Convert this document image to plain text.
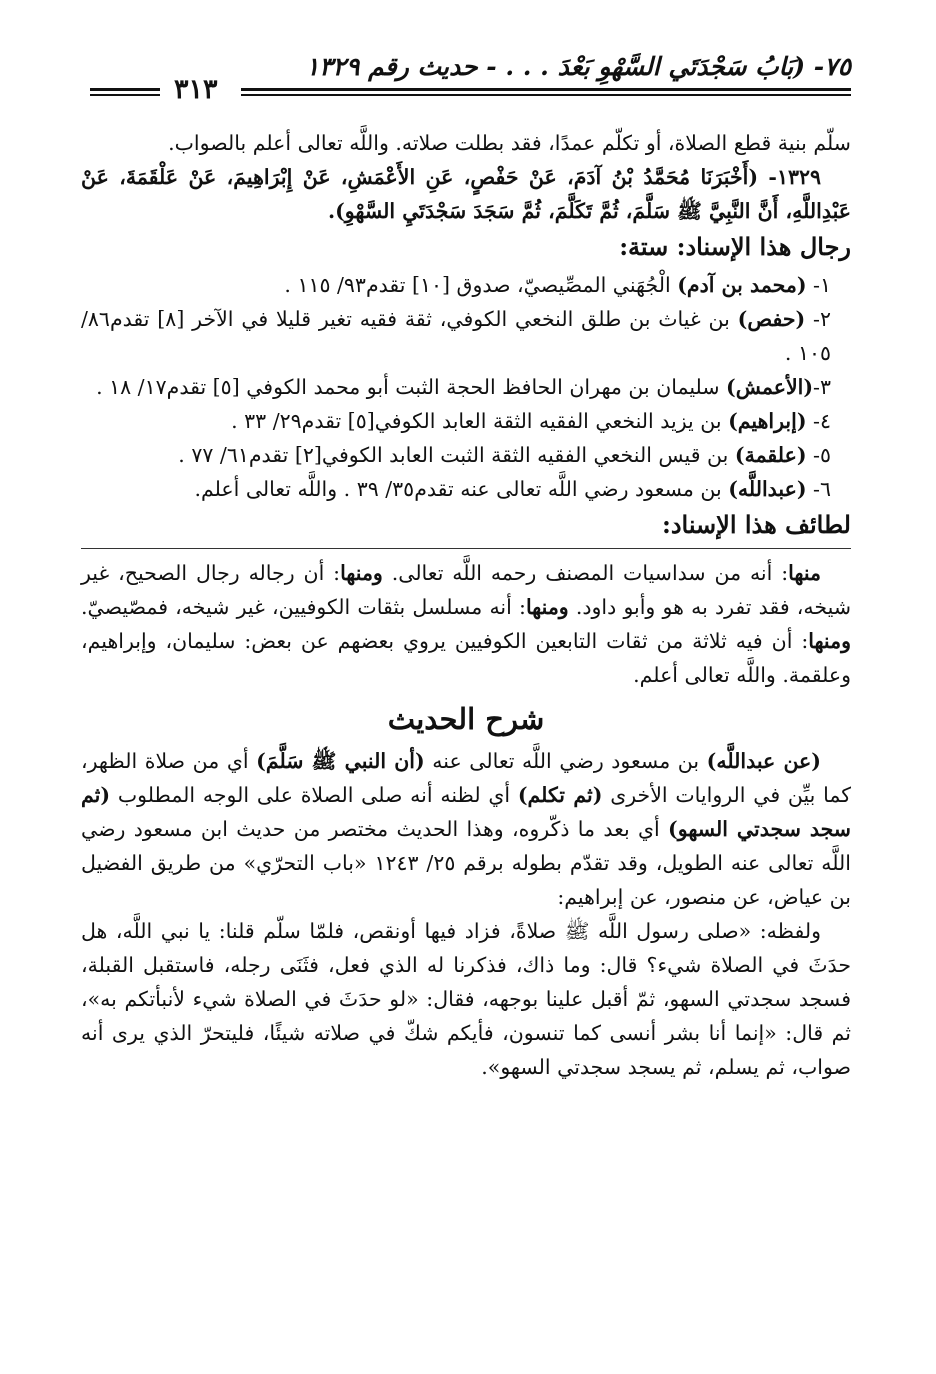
٧٥- (بَابُ سَجْدَتَي السَّهْوِ بَعْدَ . . . - حديث رقم ١٣٢٩
٣١٣

سلّم بنية قطع الصلاة، أو تكلّم عمدًا، فقد بطلت صلاته. واللَّه تعالى أعلم بالصواب.

١٣٢٩- (أَخْبَرَنَا مُحَمَّدُ بْنُ آدَمَ، عَنْ حَفْصٍ، عَنِ الأَعْمَشِ، عَنْ إِبْرَاهِيمَ، عَنْ عَلْقَمَةَ، عَنْ عَبْدِاللَّهِ، أَنَّ النَّبِيَّ ﷺ سَلَّمَ، ثُمَّ تَكَلَّمَ، ثُمَّ سَجَدَ سَجْدَتَيِ السَّهْوِ).

رجال هذا الإسناد: ستة:

١- (محمد بن آدم) الْجُهَني المصِّيصيّ، صدوق [١٠] تقدم٩٣/ ١١٥ .

٢- (حفص) بن غياث بن طلق النخعي الكوفي، ثقة فقيه تغير قليلا في الآخر [٨] تقدم٨٦/ ١٠٥ .

٣-(الأعمش) سليمان بن مهران الحافظ الحجة الثبت أبو محمد الكوفي [٥] تقدم١٧/ ١٨ .

٤- (إبراهيم) بن يزيد النخعي الفقيه الثقة العابد الكوفي[٥] تقدم٢٩/ ٣٣ .

٥- (علقمة) بن قيس النخعي الفقيه الثقة الثبت العابد الكوفي[٢] تقدم٦١/ ٧٧ .

٦- (عبداللَّه) بن مسعود رضي اللَّه تعالى عنه تقدم٣٥/ ٣٩ . واللَّه تعالى أعلم.

لطائف هذا الإسناد:

منها: أنه من سداسيات المصنف رحمه اللَّه تعالى. ومنها: أن رجاله رجال الصحيح، غير شيخه، فقد تفرد به هو وأبو داود. ومنها: أنه مسلسل بثقات الكوفيين، غير شيخه، فمصّيصيّ. ومنها: أن فيه ثلاثة من ثقات التابعين الكوفيين يروي بعضهم عن بعض: سليمان، وإبراهيم، وعلقمة. واللَّه تعالى أعلم.

شرح الحديث

(عن عبداللَّه) بن مسعود رضي اللَّه تعالى عنه (أن النبي ﷺ سَلَّمَ) أي من صلاة الظهر، كما بيِّن في الروايات الأخرى (ثم تكلم) أي لظنه أنه صلى الصلاة على الوجه المطلوب (ثم سجد سجدتي السهو) أي بعد ما ذكّروه، وهذا الحديث مختصر من حديث ابن مسعود رضي اللَّه تعالى عنه الطويل، وقد تقدّم بطوله برقم ٢٥/ ١٢٤٣ «باب التحرّي» من طريق الفضيل بن عياض، عن منصور، عن إبراهيم:

ولفظه: «صلى رسول اللَّه ﷺ صلاةً، فزاد فيها أونقص، فلمّا سلّم قلنا: يا نبي اللَّه، هل حدَثَ في الصلاة شيء؟ قال: وما ذاك، فذكرنا له الذي فعل، فثَنَى رجله، فاستقبل القبلة، فسجد سجدتي السهو، ثمّ أقبل علينا بوجهه، فقال: «لو حدَثَ في الصلاة شيء لأنبأتكم به»، ثم قال: «إنما أنا بشر أنسى كما تنسون، فأيكم شكّ في صلاته شيئًا، فليتحرّ الذي يرى أنه صواب، ثم يسلم، ثم يسجد سجدتي السهو».
